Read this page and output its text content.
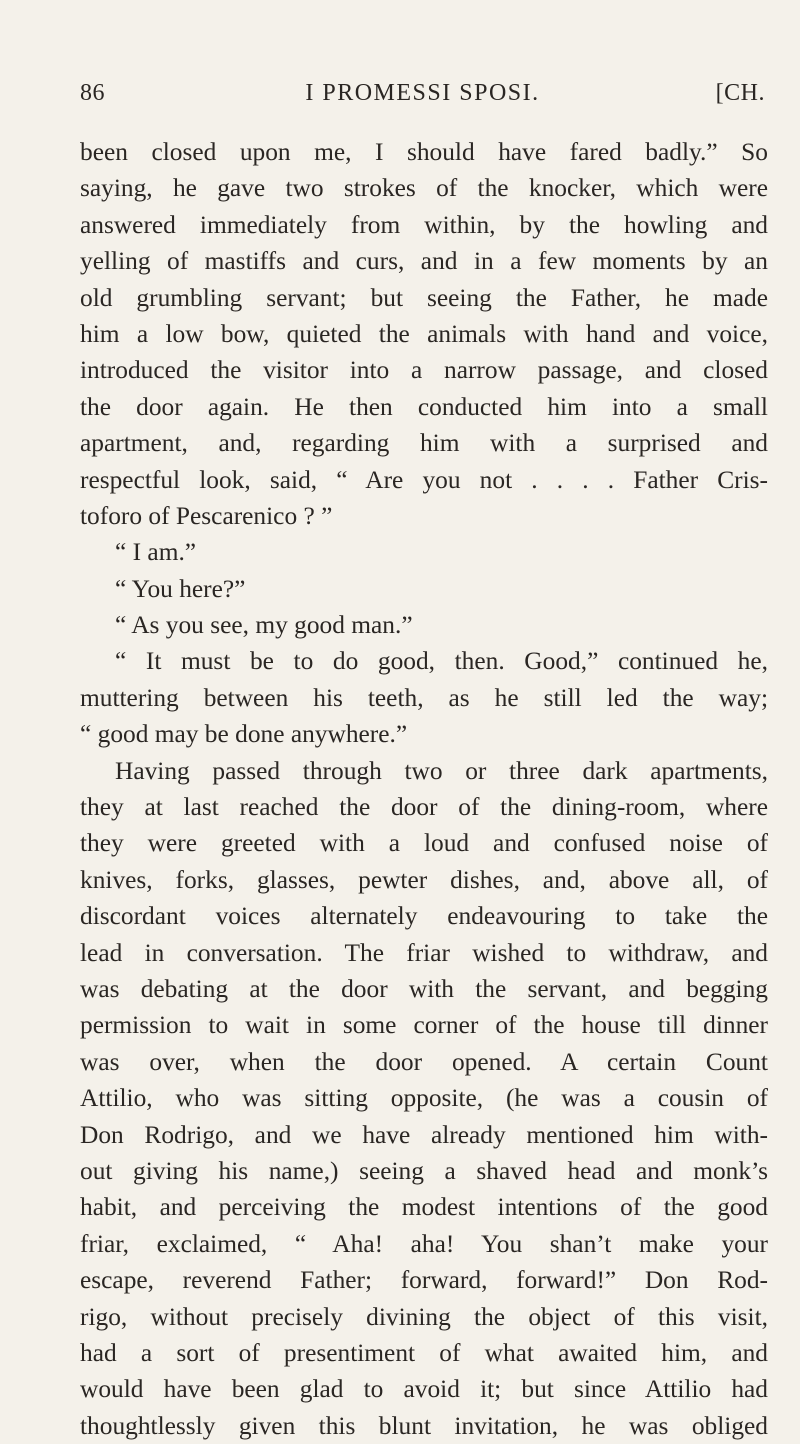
86	I PROMESSI SPOSI.	[CH.
been closed upon me, I should have fared badly.” So
saying, he gave two strokes of the knocker, which were
answered immediately from within, by the howling and
yelling of mastiffs and curs, and in a few moments by an
old grumbling servant; but seeing the Father, he made
him a low bow, quieted the animals with hand and voice,
introduced the visitor into a narrow passage, and closed
the door again. He then conducted him into a small
apartment, and, regarding him with a surprised and
respectful look, said, “ Are you not . . . . Father Cris-
toforo of Pescarenico ? ”
“ I am.”
“ You here?”
“ As you see, my good man.”
“ It must be to do good, then. Good,” continued he,
muttering between his teeth, as he still led the way;
“ good may be done anywhere.”
Having passed through two or three dark apartments,
they at last reached the door of the dining-room, where
they were greeted with a loud and confused noise of
knives, forks, glasses, pewter dishes, and, above all, of
discordant voices alternately endeavouring to take the
lead in conversation. The friar wished to withdraw, and
was debating at the door with the servant, and begging
permission to wait in some corner of the house till dinner
was over, when the door opened. A certain Count
Attilio, who was sitting opposite, (he was a cousin of
Don Rodrigo, and we have already mentioned him with-
out giving his name,) seeing a shaved head and monk’s
habit, and perceiving the modest intentions of the good
friar, exclaimed, “ Aha! aha! You shan’t make your
escape, reverend Father; forward, forward!” Don Rod-
rigo, without precisely divining the object of this visit,
had a sort of presentiment of what awaited him, and
would have been glad to avoid it; but since Attilio had
thoughtlessly given this blunt invitation, he was obliged
